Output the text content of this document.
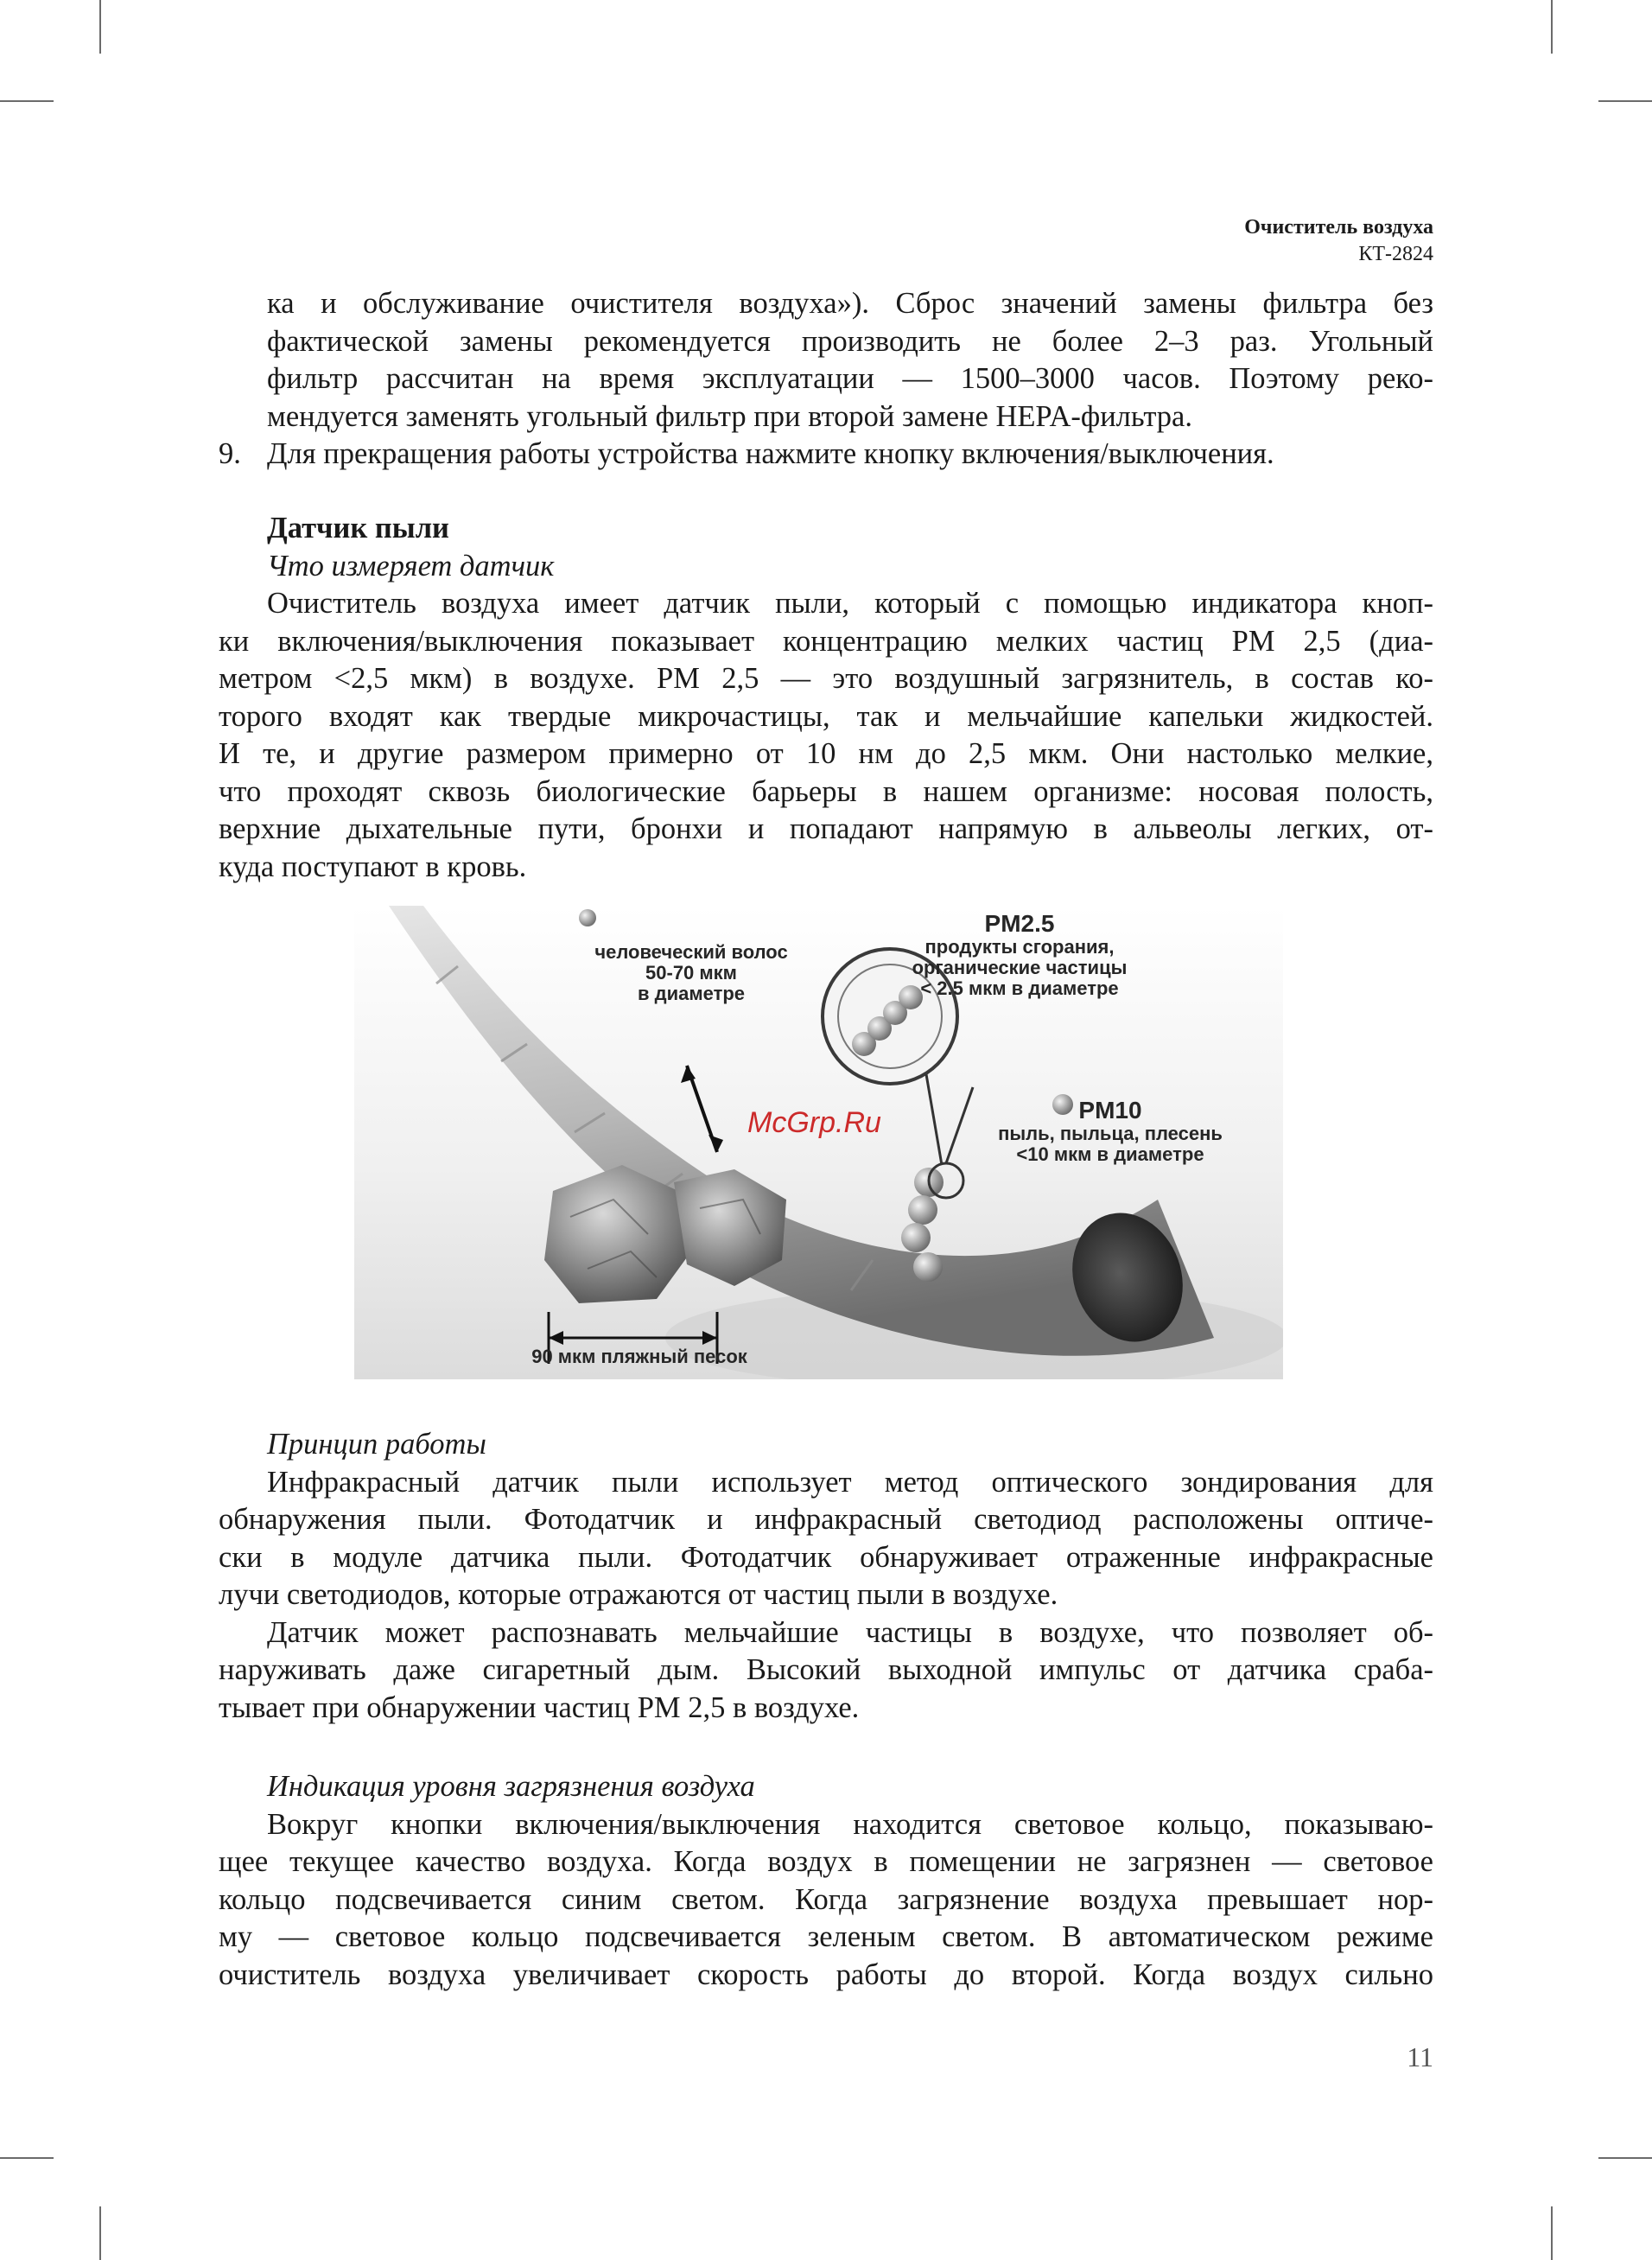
Очиститель воздуха
КТ-2824

ка и обслуживание очистителя воздуха»). Сброс значений замены фильтра без

фактической замены рекомендуется производить не более 2–3 раз. Угольный

фильтр рассчитан на время эксплуатации — 1500–3000 часов. Поэтому реко-

мендуется заменять угольный фильтр при второй замене HEPA-фильтра.

9. Для прекращения работы устройства нажмите кнопку включения/выключения.

Датчик пыли
Что измеряет датчик

Очиститель воздуха имеет датчик пыли, который с помощью индикатора кноп-

ки включения/выключения показывает концентрацию мелких частиц PM 2,5 (диа-

метром <2,5 мкм) в воздухе. PM 2,5 — это воздушный загрязнитель, в состав ко-

торого входят как твердые микрочастицы, так и мельчайшие капельки жидкостей.

И те, и другие размером примерно от 10 нм до 2,5 мкм. Они настолько мелкие,

что проходят сквозь биологические барьеры в нашем организме: носовая полость,

верхние дыхательные пути, бронхи и попадают напрямую в альвеолы легких, от-

куда поступают в кровь.

человеческий волос
50-70 мкм
в диаметре
PM2.5
продукты сгорания,
органические частицы
< 2.5 мкм в диаметре
PM10
пыль, пыльца, плесень
<10 мкм в диаметре
90 мкм пляжный песок
McGrp.Ru
Принцип работы

Инфракрасный датчик пыли использует метод оптического зондирования для

обнаружения пыли. Фотодатчик и инфракрасный светодиод расположены оптиче-

ски в модуле датчика пыли. Фотодатчик обнаруживает отраженные инфракрасные

лучи светодиодов, которые отражаются от частиц пыли в воздухе.

Датчик может распознавать мельчайшие частицы в воздухе, что позволяет об-

наруживать даже сигаретный дым. Высокий выходной импульс от датчика сраба-

тывает при обнаружении частиц PM 2,5 в воздухе.

Индикация уровня загрязнения воздуха

Вокруг кнопки включения/выключения находится световое кольцо, показываю-

щее текущее качество воздуха. Когда воздух в помещении не загрязнен — световое

кольцо подсвечивается синим светом. Когда загрязнение воздуха превышает нор-

му — световое кольцо подсвечивается зеленым светом. В автоматическом режиме

очиститель воздуха увеличивает скорость работы до второй. Когда воздух сильно

11
